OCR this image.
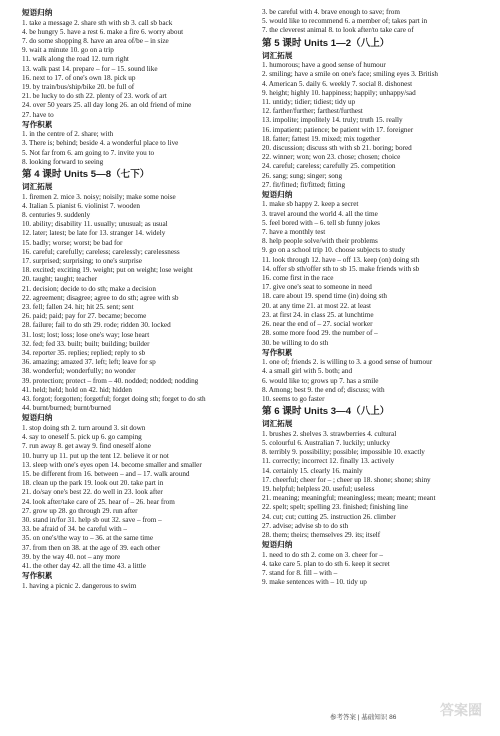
短语归纳
1. take a message 2. share sth with sb 3. call sb back
4. be hungry 5. have a rest 6. make a fire 6. worry about
7. do some shopping 8. have an area of/be – in size
9. wait a minute 10. go on a trip
11. walk along the road 12. turn right
13. walk past 14. prepare – for – 15. sound like
16. next to 17. of one's own 18. pick up
19. by train/bus/ship/bike 20. be full of
21. be lucky to do sth 22. plenty of 23. work of art
24. over 50 years 25. all day long 26. an old friend of mine
27. have to
写作积累
1. in the centre of 2. share; with
3. There is; behind; beside 4. a wonderful place to live
5. Not far from 6. am going to 7. invite you to
8. looking forward to seeing
第 4 课时 Units 5—8（七下）
词汇拓展
1. firemen 2. mice 3. noisy; noisily; make some noise
4. Italian 5. pianist 6. violinist 7. wooden
8. centuries 9. suddenly
10. ability; disability 11. usually; unusual; as usual
12. later; latest; be late for 13. stranger 14. widely
15. badly; worse; worst; be bad for
16. careful; carefully; careless; carelessly; carelessness
17. surprised; surprising; to one's surprise
18. excited; exciting 19. weight; put on weight; lose weight
20. taught; taught; teacher
21. decision; decide to do sth; make a decision
22. agreement; disagree; agree to do sth; agree with sb
23. fell; fallen 24. hit; hit 25. sent; sent
26. paid; paid; pay for 27. became; become
28. failure; fail to do sth 29. rode; ridden 30. locked
31. lost; lost; loss; lose one's way; lose heart
32. fed; fed 33. built; built; building; builder
34. reporter 35. replies; replied; reply to sb
36. amazing; amazed 37. left; left; leave for sp
38. wonderful; wonderfully; no wonder
39. protection; protect – from – 40. nodded; nodded; nodding
41. held; held; hold on 42. hid; hidden
43. forgot; forgotten; forgetful; forget doing sth; forget to do sth
44. burnt/burned; burnt/burned
短语归纳
1. stop doing sth 2. turn around 3. sit down
4. say to oneself 5. pick up 6. go camping
7. run away 8. get away 9. find oneself alone
10. hurry up 11. put up the tent 12. believe it or not
13. sleep with one's eyes open 14. become smaller and smaller
15. be different from 16. between – and – 17. walk around
18. clean up the park 19. look out 20. take part in
21. do/say one's best 22. do well in 23. look after
24. look after/take care of 25. hear of – 26. hear from
27. grow up 28. go through 29. run after
30. stand in/for 31. help sb out 32. save – from –
33. be afraid of 34. be careful with –
35. on one's/the way to – 36. at the same time
37. from then on 38. at the age of 39. each other
39. by the way 40. not – any more
41. the other day 42. all the time 43. a little
写作积累
1. having a picnic 2. dangerous to swim
3. be careful with 4. brave enough to save; from
5. would like to recommend 6. a member of; takes part in
7. the cleverest animal 8. to look after/to take care of
第 5 课时 Units 1—2（八上）
词汇拓展
1. humorous; have a good sense of humour
2. smiling; have a smile on one's face; smiling eyes 3. British
4. American 5. daily 6. weekly 7. social 8. dishonest
9. height; highly 10. happiness; happily; unhappy/sad
11. untidy; tidier; tidiest; tidy up
12. farther/further; farthest/furthest
13. impolite; impolitely 14. truly; truth 15. really
16. impatient; patience; be patient with 17. foreigner
18. fatter; fattest 19. mixed; mix together
20. discussion; discuss sth with sb 21. boring; bored
22. winner; won; won 23. chose; chosen; choice
24. careful; careless; carefully 25. competition
26. sang; sung; singer; song
27. fit/fitted; fit/fitted; fitting
短语归纳
1. make sb happy 2. keep a secret
3. travel around the world 4. all the time
5. feel bored with – 6. tell sb funny jokes
7. have a monthly test
8. help people solve/with their problems
9. go on a school trip 10. choose subjects to study
11. look through 12. have – off 13. keep (on) doing sth
14. offer sb sth/offer sth to sb 15. make friends with sb
16. come first in the race
17. give one's seat to someone in need
18. care about 19. spend time (in) doing sth
20. at any time 21. at most 22. at least
23. at first 24. in class 25. at lunchtime
26. near the end of – 27. social worker
28. some more food 29. the number of –
30. be willing to do sth
写作积累
1. one of; friends 2. is willing to 3. a good sense of humour
4. a small girl with 5. both; and
6. would like to; grows up 7. has a smile
8. Among; best 9. the end of; discuss; with
10. seems to go faster
第 6 课时 Units 3—4（八上）
词汇拓展
1. brushes 2. shelves 3. strawberries 4. cultural
5. colourful 6. Australian 7. luckily; unlucky
8. terribly 9. possibility; possible; impossible 10. exactly
11. correctly; incorrect 12. finally 13. actively
14. certainly 15. clearly 16. mainly
17. cheerful; cheer for – ; cheer up 18. shone; shone; shiny
19. helpful; helpless 20. useful; useless
21. meaning; meaningful; meaningless; mean; meant; meant
22. spelt; spelt; spelling 23. finished; finishing line
24. cut; cut; cutting 25. instruction 26. climber
27. advise; advise sb to do sth
28. them; theirs; themselves 29. its; itself
短语归纳
1. need to do sth 2. come on 3. cheer for –
4. take care 5. plan to do sth 6. keep it secret
7. stand for 8. fill – with –
9. make sentences with – 10. tidy up
答案圈
参考答案 | 基础知识 86
